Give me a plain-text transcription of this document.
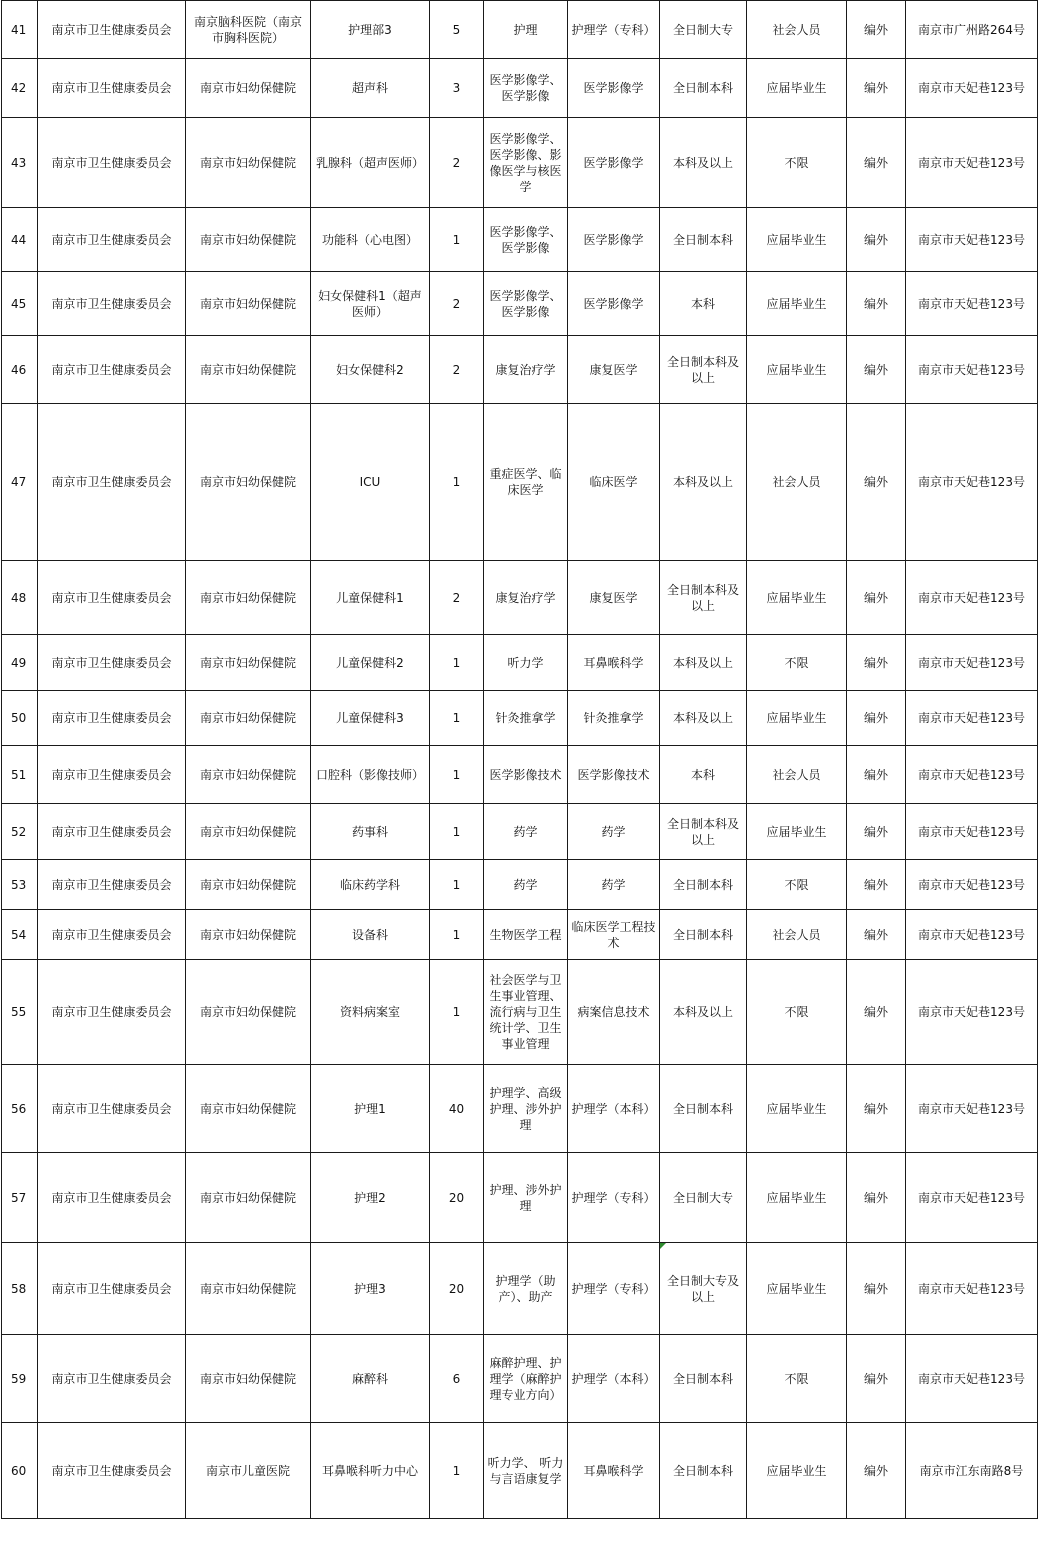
41	南京市卫生健康委员会	南京脑科医院（南京市胸科医院）	护理部3	5	护理	护理学（专科）	全日制大专	社会人员	编外	南京市广州路264号
42	南京市卫生健康委员会	南京市妇幼保健院	超声科	3	医学影像学、医学影像	医学影像学	全日制本科	应届毕业生	编外	南京市天妃巷123号
43	南京市卫生健康委员会	南京市妇幼保健院	乳腺科（超声医师）	2	医学影像学、医学影像、影像医学与核医学	医学影像学	本科及以上	不限	编外	南京市天妃巷123号
44	南京市卫生健康委员会	南京市妇幼保健院	功能科（心电图）	1	医学影像学、医学影像	医学影像学	全日制本科	应届毕业生	编外	南京市天妃巷123号
45	南京市卫生健康委员会	南京市妇幼保健院	妇女保健科1（超声医师）	2	医学影像学、医学影像	医学影像学	本科	应届毕业生	编外	南京市天妃巷123号
46	南京市卫生健康委员会	南京市妇幼保健院	妇女保健科2	2	康复治疗学	康复医学	全日制本科及以上	应届毕业生	编外	南京市天妃巷123号
47	南京市卫生健康委员会	南京市妇幼保健院	ICU	1	重症医学、临床医学	临床医学	本科及以上	社会人员	编外	南京市天妃巷123号
48	南京市卫生健康委员会	南京市妇幼保健院	儿童保健科1	2	康复治疗学	康复医学	全日制本科及以上	应届毕业生	编外	南京市天妃巷123号
49	南京市卫生健康委员会	南京市妇幼保健院	儿童保健科2	1	听力学	耳鼻喉科学	本科及以上	不限	编外	南京市天妃巷123号
50	南京市卫生健康委员会	南京市妇幼保健院	儿童保健科3	1	针灸推拿学	针灸推拿学	本科及以上	应届毕业生	编外	南京市天妃巷123号
51	南京市卫生健康委员会	南京市妇幼保健院	口腔科（影像技师）	1	医学影像技术	医学影像技术	本科	社会人员	编外	南京市天妃巷123号
52	南京市卫生健康委员会	南京市妇幼保健院	药事科	1	药学	药学	全日制本科及以上	应届毕业生	编外	南京市天妃巷123号
53	南京市卫生健康委员会	南京市妇幼保健院	临床药学科	1	药学	药学	全日制本科	不限	编外	南京市天妃巷123号
54	南京市卫生健康委员会	南京市妇幼保健院	设备科	1	生物医学工程	临床医学工程技术	全日制本科	社会人员	编外	南京市天妃巷123号
55	南京市卫生健康委员会	南京市妇幼保健院	资料病案室	1	社会医学与卫生事业管理、流行病与卫生统计学、卫生事业管理	病案信息技术	本科及以上	不限	编外	南京市天妃巷123号
56	南京市卫生健康委员会	南京市妇幼保健院	护理1	40	护理学、高级护理、涉外护理	护理学（本科）	全日制本科	应届毕业生	编外	南京市天妃巷123号
57	南京市卫生健康委员会	南京市妇幼保健院	护理2	20	护理、涉外护理	护理学（专科）	全日制大专	应届毕业生	编外	南京市天妃巷123号
58	南京市卫生健康委员会	南京市妇幼保健院	护理3	20	护理学（助产）、助产	护理学（专科）	全日制大专及以上	应届毕业生	编外	南京市天妃巷123号
59	南京市卫生健康委员会	南京市妇幼保健院	麻醉科	6	麻醉护理、护理学（麻醉护理专业方向）	护理学（本科）	全日制本科	不限	编外	南京市天妃巷123号
60	南京市卫生健康委员会	南京市儿童医院	耳鼻喉科听力中心	1	听力学、 听力与言语康复学	耳鼻喉科学	全日制本科	应届毕业生	编外	南京市江东南路8号
